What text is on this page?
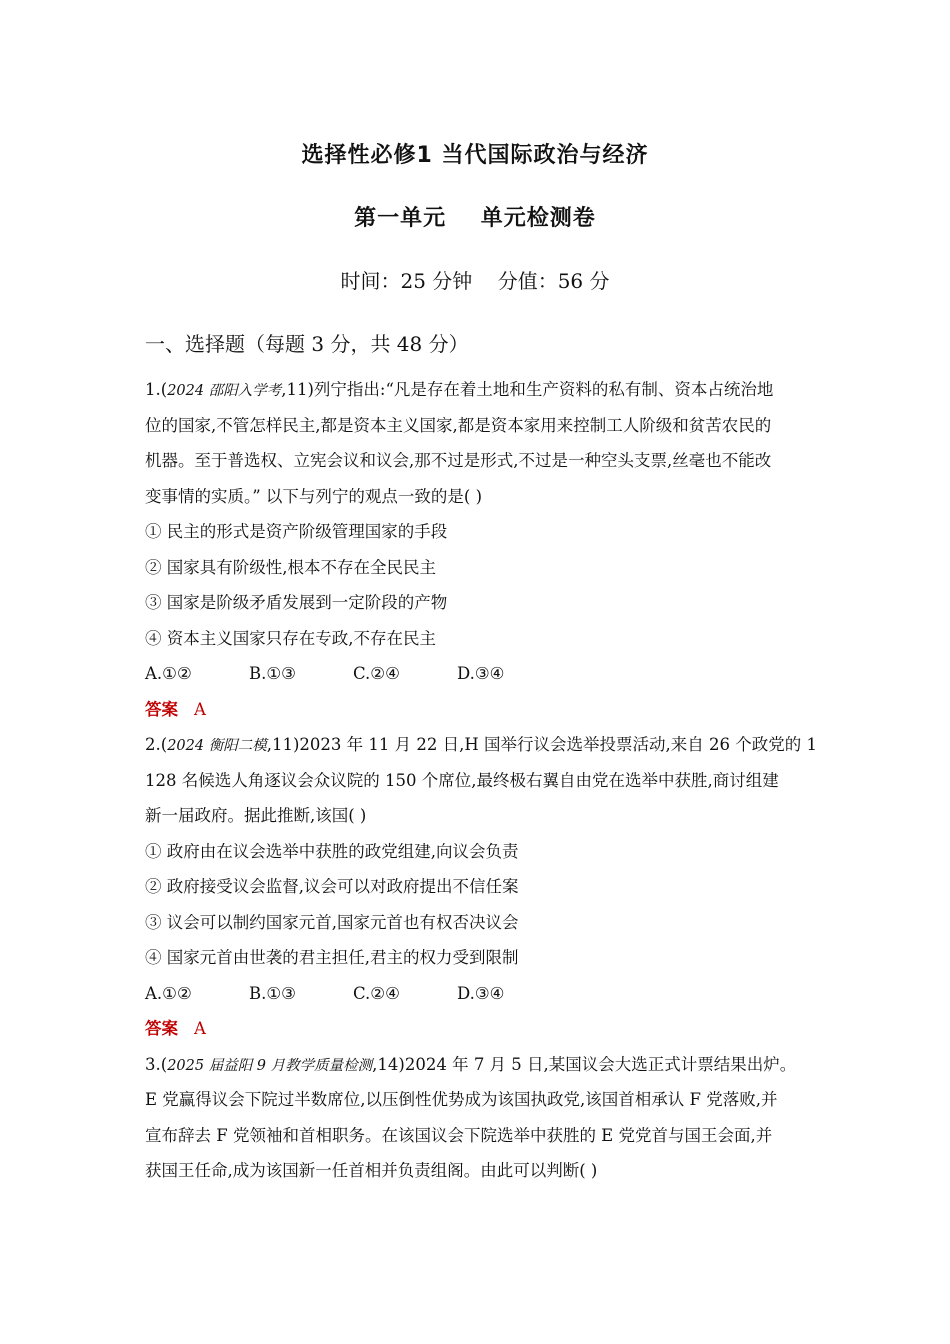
选择性必修1 当代国际政治与经济
第一单元    单元检测卷
时间：25 分钟    分值：56 分
一、选择题（每题 3 分，共 48 分）
1.(2024 邵阳入学考,11)列宁指出:“凡是存在着土地和生产资料的私有制、资本占统治地
位的国家,不管怎样民主,都是资本主义国家,都是资本家用来控制工人阶级和贫苦农民的
机器。至于普选权、立宪会议和议会,那不过是形式,不过是一种空头支票,丝毫也不能改
变事情的实质。” 以下与列宁的观点一致的是( )
① 民主的形式是资产阶级管理国家的手段
② 国家具有阶级性,根本不存在全民民主
③ 国家是阶级矛盾发展到一定阶段的产物
④ 资本主义国家只存在专政,不存在民主
A.①②	B.①③	C.②④	D.③④
答案 A
2.(2024 衡阳二模,11)2023 年 11 月 22 日,H 国举行议会选举投票活动,来自 26 个政党的 1
128 名候选人角逐议会众议院的 150 个席位,最终极右翼自由党在选举中获胜,商讨组建
新一届政府。据此推断,该国( )
① 政府由在议会选举中获胜的政党组建,向议会负责
② 政府接受议会监督,议会可以对政府提出不信任案
③ 议会可以制约国家元首,国家元首也有权否决议会
④ 国家元首由世袭的君主担任,君主的权力受到限制
A.①②	B.①③	C.②④	D.③④
答案 A
3.(2025 届益阳 9 月教学质量检测,14)2024 年 7 月 5 日,某国议会大选正式计票结果出炉。
E 党赢得议会下院过半数席位,以压倒性优势成为该国执政党,该国首相承认 F 党落败,并
宣布辞去 F 党领袖和首相职务。在该国议会下院选举中获胜的 E 党党首与国王会面,并
获国王任命,成为该国新一任首相并负责组阁。由此可以判断( )
